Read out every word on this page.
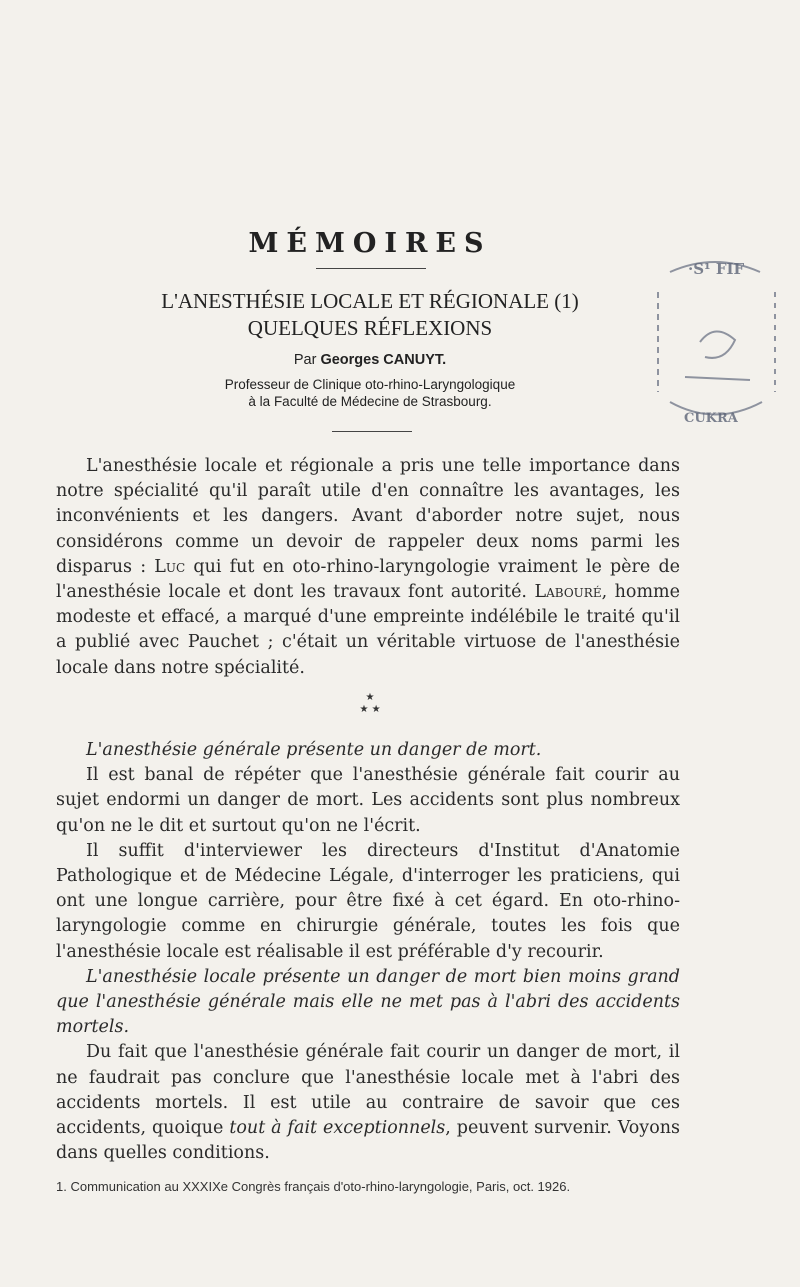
MÉMOIRES
L'ANESTHÉSIE LOCALE ET RÉGIONALE (1)
QUELQUES RÉFLEXIONS
Par Georges CANUYT.
Professeur de Clinique oto-rhino-Laryngologique
à la Faculté de Médecine de Strasbourg.
·S¹ FIF
CUKRA

L'anesthésie locale et régionale a pris une telle importance dans notre spécialité qu'il paraît utile d'en connaître les avantages, les inconvénients et les dangers. Avant d'aborder notre sujet, nous considérons comme un devoir de rappeler deux noms parmi les disparus : Luc qui fut en oto-rhino-laryngologie vraiment le père de l'anesthésie locale et dont les travaux font autorité. Labouré, homme modeste et effacé, a marqué d'une empreinte indélébile le traité qu'il a publié avec Pauchet ; c'était un véritable virtuose de l'anesthésie locale dans notre spécialité.

★
★ ★

L'anesthésie générale présente un danger de mort.

Il est banal de répéter que l'anesthésie générale fait courir au sujet endormi un danger de mort. Les accidents sont plus nombreux qu'on ne le dit et surtout qu'on ne l'écrit.

Il suffit d'interviewer les directeurs d'Institut d'Anatomie Pathologique et de Médecine Légale, d'interroger les praticiens, qui ont une longue carrière, pour être fixé à cet égard. En oto-rhino-laryngologie comme en chirurgie générale, toutes les fois que l'anesthésie locale est réalisable il est préférable d'y recourir.

L'anesthésie locale présente un danger de mort bien moins grand que l'anesthésie générale mais elle ne met pas à l'abri des accidents mortels.

Du fait que l'anesthésie générale fait courir un danger de mort, il ne faudrait pas conclure que l'anesthésie locale met à l'abri des accidents mortels. Il est utile au contraire de savoir que ces accidents, quoique tout à fait exceptionnels, peuvent survenir. Voyons dans quelles conditions.

1. Communication au XXXIXe Congrès français d'oto-rhino-laryngologie, Paris, oct. 1926.
